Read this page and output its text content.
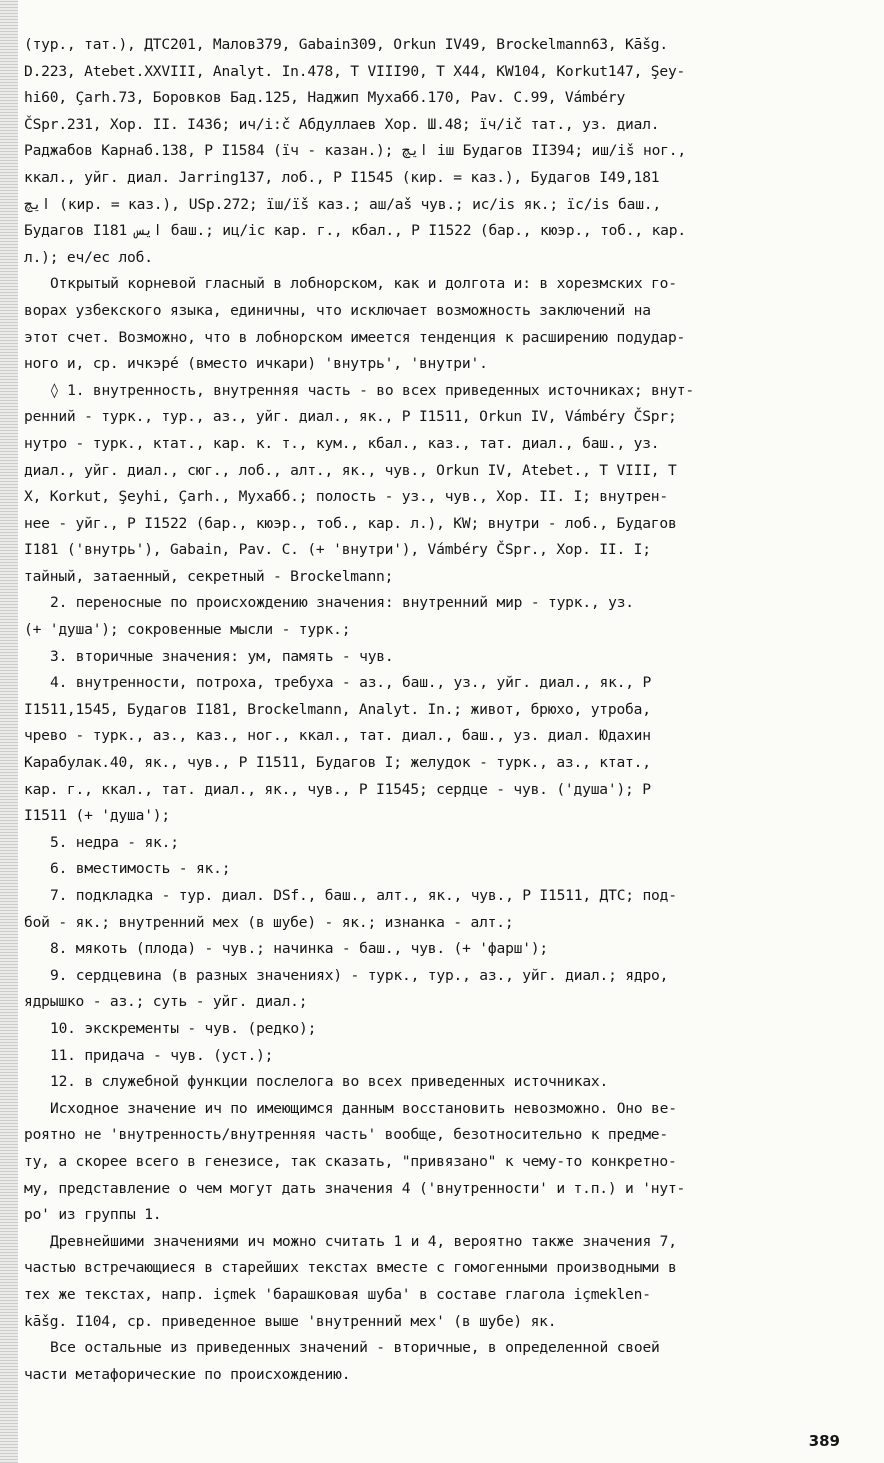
(тур., тат.), ДТС201, Малов379, Gabain309, Orkun IV49, Brockelmann63, Kāšg.
D.223, Atebet.XXVIII, Analyt. In.478, Т VIII90, Т X44, KW104, Korkut147, Şey-
hi60, Çarh.73, Боровков Бад.125, Наджип Мухабб.170, Pav. C.99, Vámbéry
ČSpr.231, Хор. II. I436; ич/і:č Абдуллаев Хор. Ш.48; їч/іč тат., уз. диал.
Раджабов Карнаб.138, Р I1584 (їч - казан.); ايچ іш Будагов II394; иш/іš ног.,
ккал., уйг. диал. Jarring137, лоб., Р I1545 (кир. = каз.), Будагов I49,181
ايچ (кир. = каз.), USp.272; ïш/ïš каз.; аш/аš чув.; ис/іs як.; їс/іs баш.,
Будагов I181 ايس баш.; иц/іс кар. г., кбал., Р I1522 (бар., кюэр., тоб., кар.
л.); еч/ес лоб.
Открытый корневой гласный в лобнорском, как и долгота и: в хорезмских го-
ворах узбекского языка, единичны, что исключает возможность заключений на
этот счет. Возможно, что в лобнорском имеется тенденция к расширению подудар-
ного и, ср. ичкэрé (вместо ичкари) 'внутрь', 'внутри'.
◊ 1. внутренность, внутренняя часть - во всех приведенных источниках; внут-
ренний - турк., тур., аз., уйг. диал., як., Р I1511, Orkun IV, Vámbéry ČSpr;
нутро - турк., ктат., кар. к. т., кум., кбал., каз., тат. диал., баш., уз.
диал., уйг. диал., сюг., лоб., алт., як., чув., Orkun IV, Atebet., Т VIII, Т
X, Korkut, Şeyhi, Çarh., Мухабб.; полость - уз., чув., Хор. II. I; внутрен-
нее - уйг., Р I1522 (бар., кюэр., тоб., кар. л.), KW; внутри - лоб., Будагов
I181 ('внутрь'), Gabain, Pav. C. (+ 'внутри'), Vámbéry ČSpr., Хор. II. I;
тайный, затаенный, секретный - Brockelmann;
2. переносные по происхождению значения: внутренний мир - турк., уз.
(+ 'душа'); сокровенные мысли - турк.;
3. вторичные значения: ум, память - чув.
4. внутренности, потроха, требуха - аз., баш., уз., уйг. диал., як., Р
I1511,1545, Будагов I181, Brockelmann, Analyt. In.; живот, брюхо, утроба,
чрево - турк., аз., каз., ног., ккал., тат. диал., баш., уз. диал. Юдахин
Карабулак.40, як., чув., Р I1511, Будагов I; желудок - турк., аз., ктат.,
кар. г., ккал., тат. диал., як., чув., Р I1545; сердце - чув. ('душа'); Р
I1511 (+ 'душа');
5. недра - як.;
6. вместимость - як.;
7. подкладка - тур. диал. DSf., баш., алт., як., чув., Р I1511, ДТС; под-
бой - як.; внутренний мех (в шубе) - як.; изнанка - алт.;
8. мякоть (плода) - чув.; начинка - баш., чув. (+ 'фарш');
9. сердцевина (в разных значениях) - турк., тур., аз., уйг. диал.; ядро,
ядрышко - аз.; суть - уйг. диал.;
10. экскременты - чув. (редко);
11. придача - чув. (уст.);
12. в служебной функции послелога во всех приведенных источниках.
Исходное значение ич по имеющимся данным восстановить невозможно. Оно ве-
роятно не 'внутренность/внутренняя часть' вообще, безотносительно к предме-
ту, а скорее всего в генезисе, так сказать, "привязано" к чему-то конкретно-
му, представление о чем могут дать значения 4 ('внутренности' и т.п.) и 'нут-
ро' из группы 1.
Древнейшими значениями ич можно считать 1 и 4, вероятно также значения 7,
частью встречающиеся в старейших текстах вместе с гомогенными производными в
тех же текстах, напр. іçmek 'барашковая шуба' в составе глагола іçmeklen-
kāšg. I104, ср. приведенное выше 'внутренний мех' (в шубе) як.
Все остальные из приведенных значений - вторичные, в определенной своей
части метафорические по происхождению.
389
